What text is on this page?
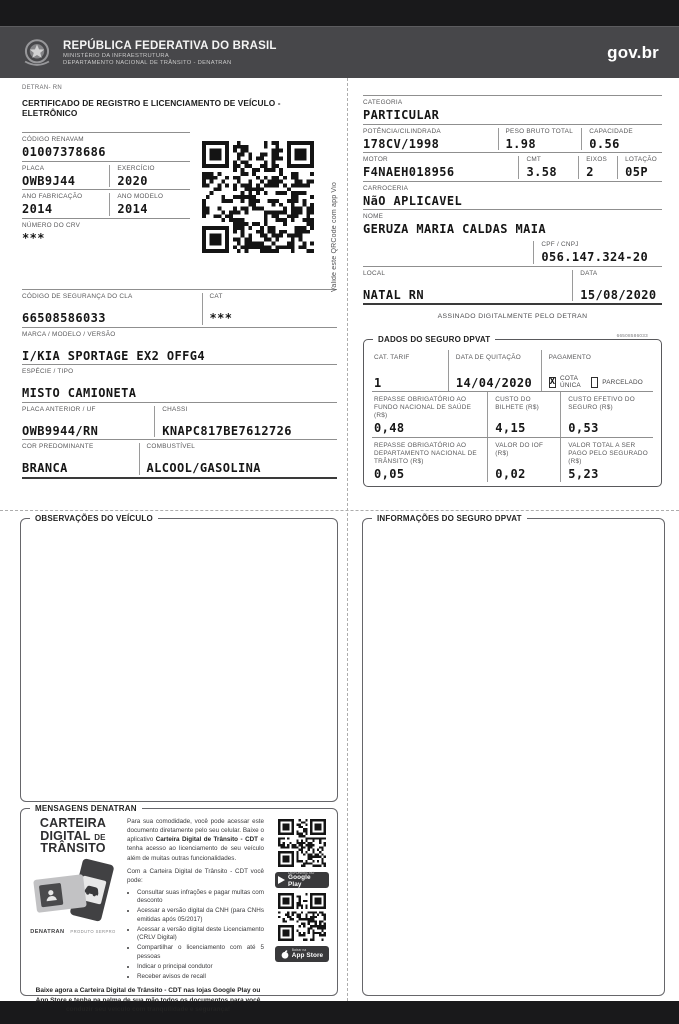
REPÚBLICA FEDERATIVA DO BRASIL
MINISTÉRIO DA INFRAESTRUTURA
DEPARTAMENTO NACIONAL DE TRÂNSITO - DENATRAN
gov.br
DETRAN- RN
CERTIFICADO DE REGISTRO E LICENCIAMENTO DE VEÍCULO - ELETRÔNICO
CÓDIGO RENAVAM
01007378686
PLACA
OWB9J44
EXERCÍCIO
2020
ANO FABRICAÇÃO
2014
ANO MODELO
2014
NÚMERO DO CRV
***	Valide este QRCode com app Vio
CÓDIGO DE SEGURANÇA DO CLA
66508586033
CAT
***
MARCA / MODELO / VERSÃO
I/KIA SPORTAGE EX2 OFFG4
ESPÉCIE / TIPO
MISTO CAMIONETA
PLACA ANTERIOR / UF
OWB9944/RN
CHASSI
KNAPC817BE7612726
COR PREDOMINANTE
BRANCA
COMBUSTÍVEL
ALCOOL/GASOLINA
CATEGORIA
PARTICULAR
POTÊNCIA/CILINDRADA
178CV/1998
PESO BRUTO TOTAL
1.98
CAPACIDADE
0.56
MOTOR
F4NAEH018956
CMT
3.58
EIXOS
2
LOTAÇÃO
05P
CARROCERIA
NãO APLICAVEL
NOME
GERUZA MARIA CALDAS MAIA
CPF / CNPJ
056.147.324-20
LOCAL
NATAL RN
DATA
15/08/2020
ASSINADO DIGITALMENTE PELO DETRAN
66508586033
DADOS DO SEGURO DPVAT
CAT. TARIF
1
DATA DE QUITAÇÃO
14/04/2020
PAGAMENTO
X COTA ÚNICA	PARCELADO
REPASSE OBRIGATÓRIO AO FUNDO NACIONAL DE SAÚDE (R$)
0,48
CUSTO DO BILHETE (R$)
4,15
CUSTO EFETIVO DO SEGURO (R$)
0,53
REPASSE OBRIGATÓRIO AO DEPARTAMENTO NACIONAL DE TRÂNSITO (R$)
0,05
VALOR DO IOF (R$)
0,02
VALOR TOTAL A SER PAGO PELO SEGURADO (R$)
5,23
OBSERVAÇÕES DO VEÍCULO	INFORMAÇÕES DO SEGURO DPVAT
MENSAGENS DENATRAN
CARTEIRA
DIGITAL DE
TRÂNSITO
DENATRAN PRODUTO SERPRO
Para sua comodidade, você pode acessar este documento diretamente pelo seu celular. Baixe o aplicativo Carteira Digital de Trânsito - CDT e tenha acesso ao licenciamento de seu veículo além de muitas outras funcionalidades.
Com a Carteira Digital de Trânsito - CDT você pode:
• Consultar suas infrações e pagar multas com desconto
• Acessar a versão digital da CNH (para CNHs emitidas após 05/2017)
• Acessar a versão digital deste Licenciamento (CRLV Digital)
• Compartilhar o licenciamento com até 5 pessoas
• Indicar o principal condutor
• Receber avisos de recall
Baixe agora a Carteira Digital de Trânsito - CDT nas lojas Google Play ou App Store e tenha na palma de sua mão todos os documentos para você conduzir seu veículo com tranquilidade e segurança!
DISPONÍVEL NO
Google Play
Baixar na
App Store
